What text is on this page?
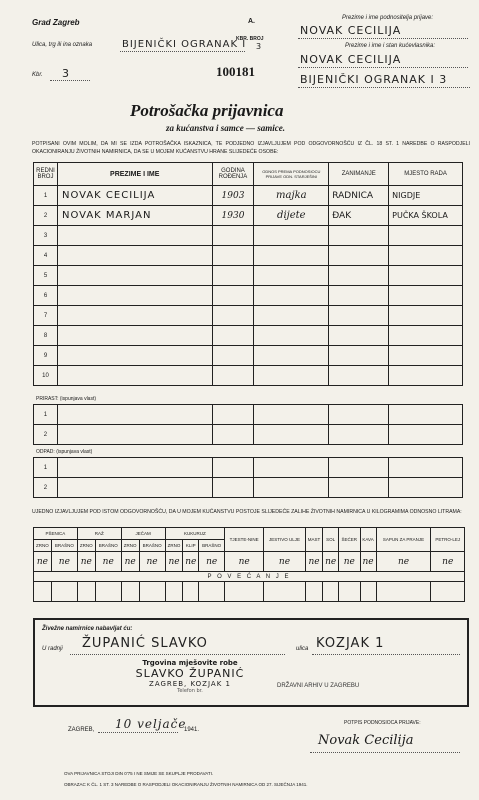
Grad Zagreb	A.	Prezime i ime podnositelja prijave:
NOVAK CECILIJA
Ulica, trg ili ina oznaka	BIJENIČKI OGRANAK I
KBR. BROJ
3	Prezime i ime i stan kućevlasnika:
NOVAK CECILIJA
BIJENIČKI OGRANAK I 3
Kbr. 3	100181
Potrošačka prijavnica
za kućanstva i samce — samice.
POTPISANI OVIM MOLIM, DA MI SE IZDA POTROŠAČKA ISKAZNICA, TE PODJEDNO IZJAVLJUJEM POD ODGOVORNOŠĆU IZ ČL. 18 ST. 1 NAREDBE O RASPODJELI OKACIONIRANJU ŽIVOTNIH NAMIRNICA, DA SE U MOJEM KUĆANSTVU HRANE SLIJEDEĆE OSOBE:
REDNI BROJ	PREZIME I IME	GODINA ROĐENJA	ODNOS PREMA PODNOSIOCU PRIJAVE ODN. STARJEŠINI	ZANIMANJE	MJESTO RADA
1	NOVAK CECILIJA	1903	majka	RADNICA	NIGDJE
2	NOVAK MARJAN	1930	dijete	ĐAK	PUČKA ŠKOLA
3					
4					
5					
6					
7					
8					
9					
10					
PRIRAST: (ispunjava vlast)
1					
2					
ODPAD: (ispunjava vlast)
1					
2					
UJEDNO IZJAVLJUJEM POD ISTOM ODGOVORNOŠĆU, DA U MOJEM KUĆANSTVU POSTOJE SLIJEDEĆE ZALIHE ŽIVOTNIH NAMIRNICA U KILOGRAMIMA ODNOSNO LITRAMA:
PŠENICA		RAŽ		JEČAM		KUKURUZ			TJESTE-NINE	JESTIVO ULJE	MAST	SOL	ŠEĆER	KAVA	SAPUN ZA PRANJE	PETRO-LEJ
ZRNO	BRAŠNO	ZRNO	BRAŠNO	ZRNO	BRAŠNO	ZRNO	KLIP	BRAŠNO								
ne	ne	ne	ne	ne	ne	ne	ne	ne	ne	ne	ne	ne	ne	ne	ne	ne
P O V E Ć A N J E																

Živežne namirnice nabavljat ću:
U radnji ŽUPANIĆ SLAVKO	ulica KOZJAK 1
Trgovina mješovite robe
SLAVKO ŽUPANIĆ
ZAGREB, KOZJAK 1
Telefon br.
DRŽAVNI ARHIV U ZAGREBU
ZAGREB, 10 veljače
1941.
POTPIS PODNOSIOCA PRIJAVE:
Novak Cecilija
OVA PRIJAVNICA STOJI DIN 0'75 I NE SMIJE SE SKUPLJE PRODAVATI.
OBRAZAC K ČL. 1 ST. 3 NAREDBE O RASPODJELI OKACIONIRANJU ŽIVOTNIH NAMIRNICA OD 27. SIJEČNJA 1941.
